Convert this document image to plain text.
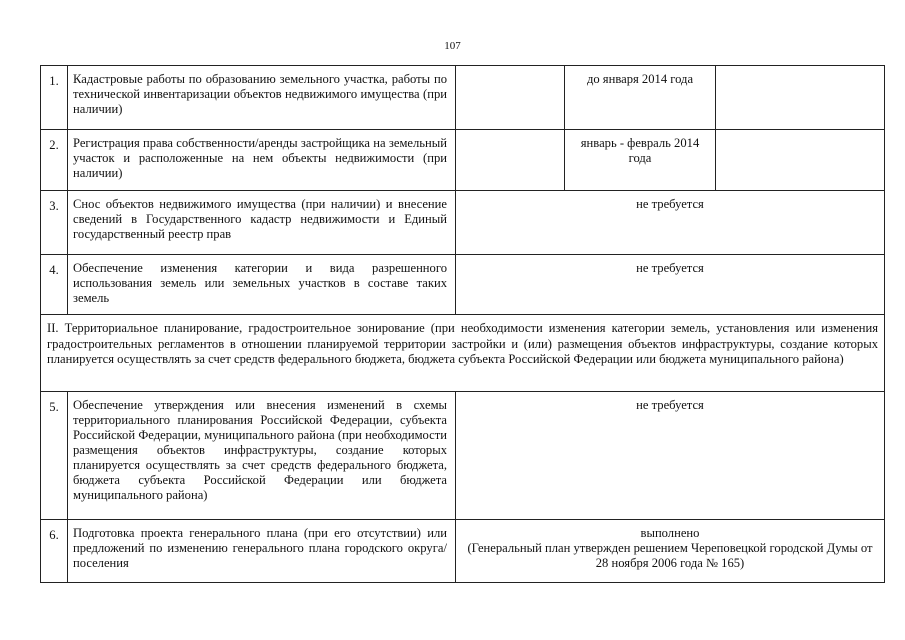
107
1.	Кадастровые работы по образованию земельного участка, работы по технической инвентаризации объектов недвижимого имущества (при наличии)		до января 2014 года	
2.	Регистрация права собственности/аренды застройщика на земельный участок и расположенные на нем объекты недвижимости (при наличии)		январь - февраль 2014 года	
3.	Снос объектов недвижимого имущества (при наличии) и внесение сведений в Государственного кадастр недвижимости и Единый государственный реестр прав	не требуется		
4.	Обеспечение изменения категории и вида разрешенного использования земель или земельных участков в составе таких земель	не требуется		
II. Территориальное планирование, градостроительное зонирование (при необходимости изменения категории земель, установления или изменения градостроительных регламентов в отношении планируемой территории застройки и (или) размещения объектов инфраструктуры, создание которых планируется осуществлять за счет средств федерального бюджета, бюджета субъекта Российской Федерации или бюджета муниципального района)				
5.	Обеспечение утверждения или внесения изменений в схемы территориального планирования Российской Федерации, субъекта Российской Федерации, муниципального района (при необходимости размещения объектов инфраструктуры, создание которых планируется осуществлять за счет средств федерального бюджета, бюджета субъекта Российской Федерации или бюджета муниципального района)	не требуется		
6.	Подготовка проекта генерального плана (при его отсутствии) или предложений по изменению генерального плана городского округа/поселения	выполнено
(Генеральный план утвержден решением Череповецкой городской Думы от 28 ноября 2006 года № 165)		
